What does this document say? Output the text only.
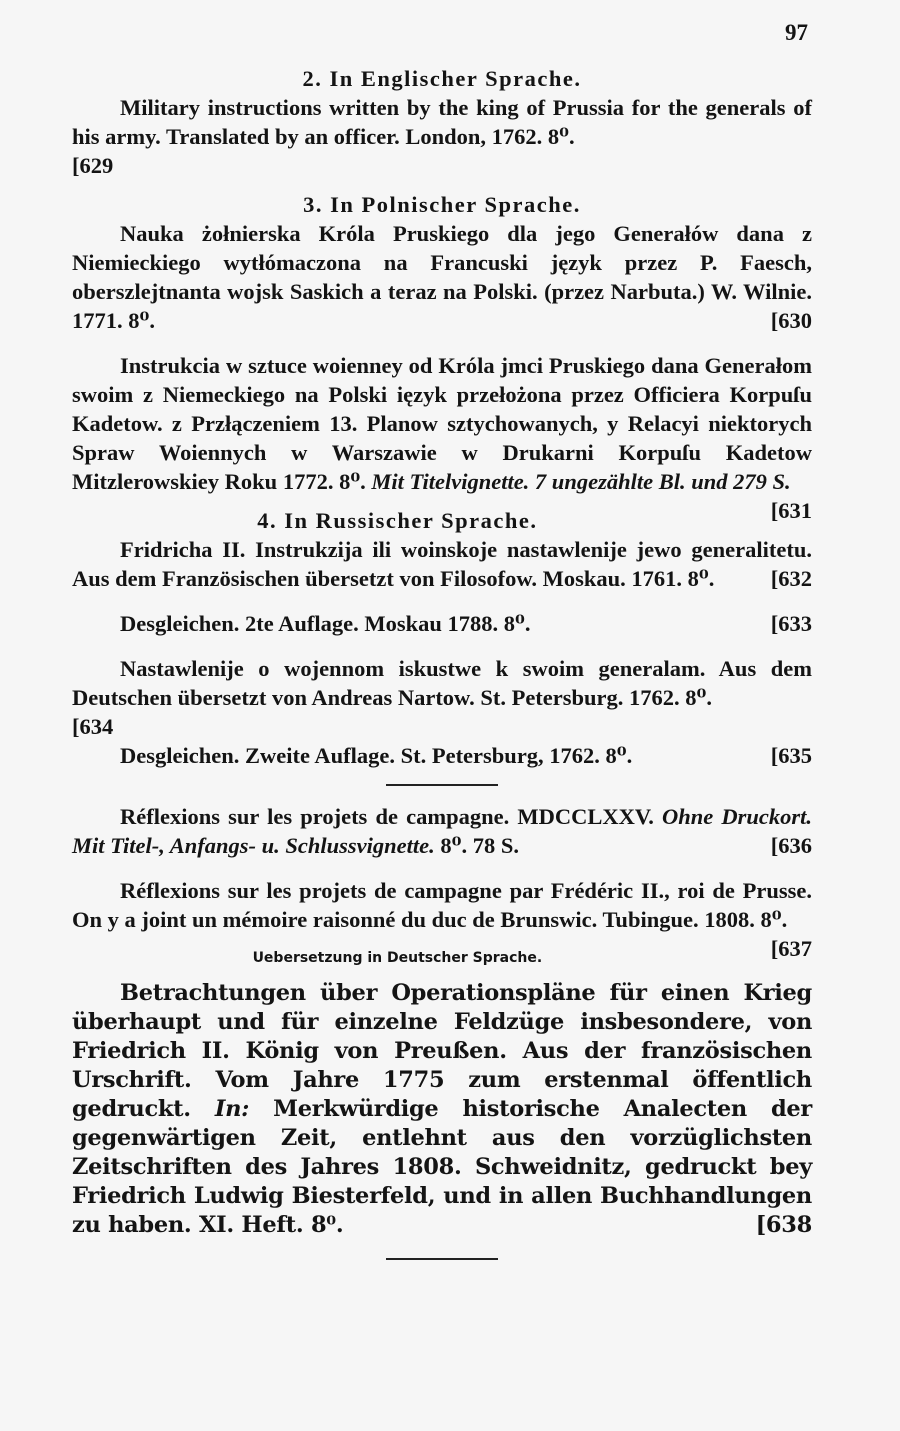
97

2. In Englischer Sprache.

Military instructions written by the king of Prussia for the generals of his army. Translated by an officer. London, 1762. 8⁰.

[629

3. In Polnischer Sprache.

Nauka żołnierska Króla Pruskiego dla jego Generałów dana z Niemieckiego wytłómaczona na Francuski język przez P. Faesch, oberszlejtnanta wojsk Saskich a teraz na Polski. (przez Narbuta.) W. Wilnie. 1771. 8⁰.	[630

Instrukcia w sztuce woienney od Króla jmci Pruskiego dana Generałom swoim z Niemeckiego na Polski ięzyk przełożona przez Officiera Korpuſu Kadetow. z Przłączeniem 13. Planow sztychowanych, y Relacyi niektorych Spraw Woiennych w Warszawie w Drukarni Korpuſu Kadetow Mitzlerowskiey Roku 1772. 8⁰. Mit Titelvignette. 7 ungezählte Bl. und 279 S.
[631

4. In Russischer Sprache.

Fridricha II. Instrukzija ili woinskoje nastawlenije jewo generalitetu. Aus dem Französischen übersetzt von Filosofow. Moskau. 1761. 8⁰.	[632

Desgleichen. 2te Auflage. Moskau 1788. 8⁰.	[633

Nastawlenije o wojennom iskustwe k swoim generalam. Aus dem Deutschen übersetzt von Andreas Nartow. St. Petersburg. 1762. 8⁰.

[634

Desgleichen. Zweite Auflage. St. Petersburg, 1762. 8⁰.	[635

Réflexions sur les projets de campagne. MDCCLXXV. Ohne Druckort. Mit Titel-, Anfangs- u. Schlussvignette. 8⁰. 78 S.	[636

Réflexions sur les projets de campagne par Frédéric II., roi de Prusse. On y a joint un mémoire raisonné du duc de Brunswic. Tubingue. 1808. 8⁰.
[637

Uebersetzung in Deutscher Sprache.

Betrachtungen über Operationspläne für einen Krieg überhaupt und für einzelne Feldzüge insbesondere, von Friedrich II. König von Preußen. Aus der französischen Urschrift. Vom Jahre 1775 zum erstenmal öffentlich gedruckt. In: Merkwürdige historische Analecten der gegenwärtigen Zeit, entlehnt aus den vorzüglichsten Zeitschriften des Jahres 1808. Schweidnitz, gedruckt bey Friedrich Ludwig Biesterfeld, und in allen Buchhandlungen zu haben. XI. Heft. 8⁰.	[638
